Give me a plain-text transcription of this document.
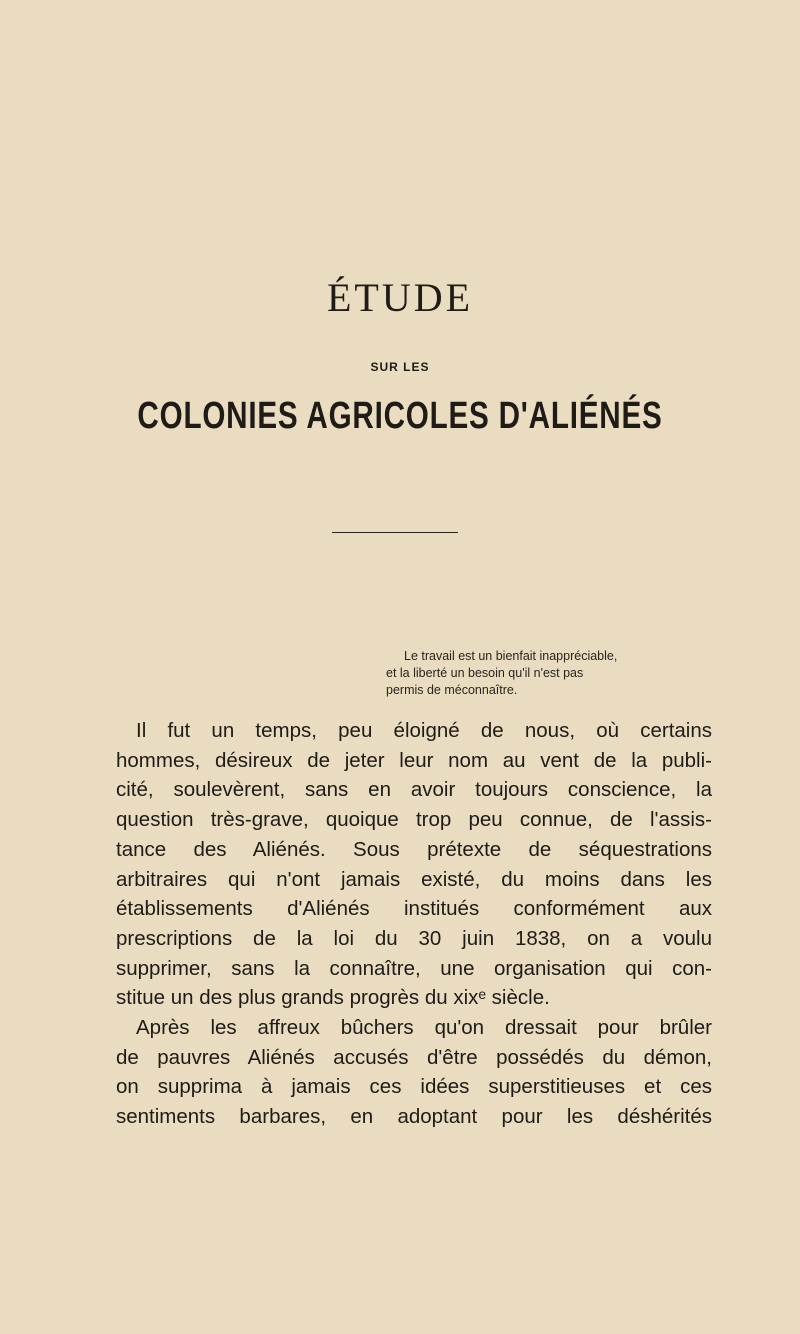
ÉTUDE
SUR LES
COLONIES AGRICOLES D'ALIÉNÉS
Le travail est un bienfait inappréciable,
et la liberté un besoin qu'il n'est pas
permis de méconnaître.
Il fut un temps, peu éloigné de nous, où certains
hommes, désireux de jeter leur nom au vent de la publi-
cité, soulevèrent, sans en avoir toujours conscience, la
question très-grave, quoique trop peu connue, de l'assis-
tance des Aliénés. Sous prétexte de séquestrations
arbitraires qui n'ont jamais existé, du moins dans les
établissements d'Aliénés institués conformément aux
prescriptions de la loi du 30 juin 1838, on a voulu
supprimer, sans la connaître, une organisation qui con-
stitue un des plus grands progrès du xixᵉ siècle.
Après les affreux bûchers qu'on dressait pour brûler
de pauvres Aliénés accusés d'être possédés du démon,
on supprima à jamais ces idées superstitieuses et ces
sentiments barbares, en adoptant pour les déshérités
